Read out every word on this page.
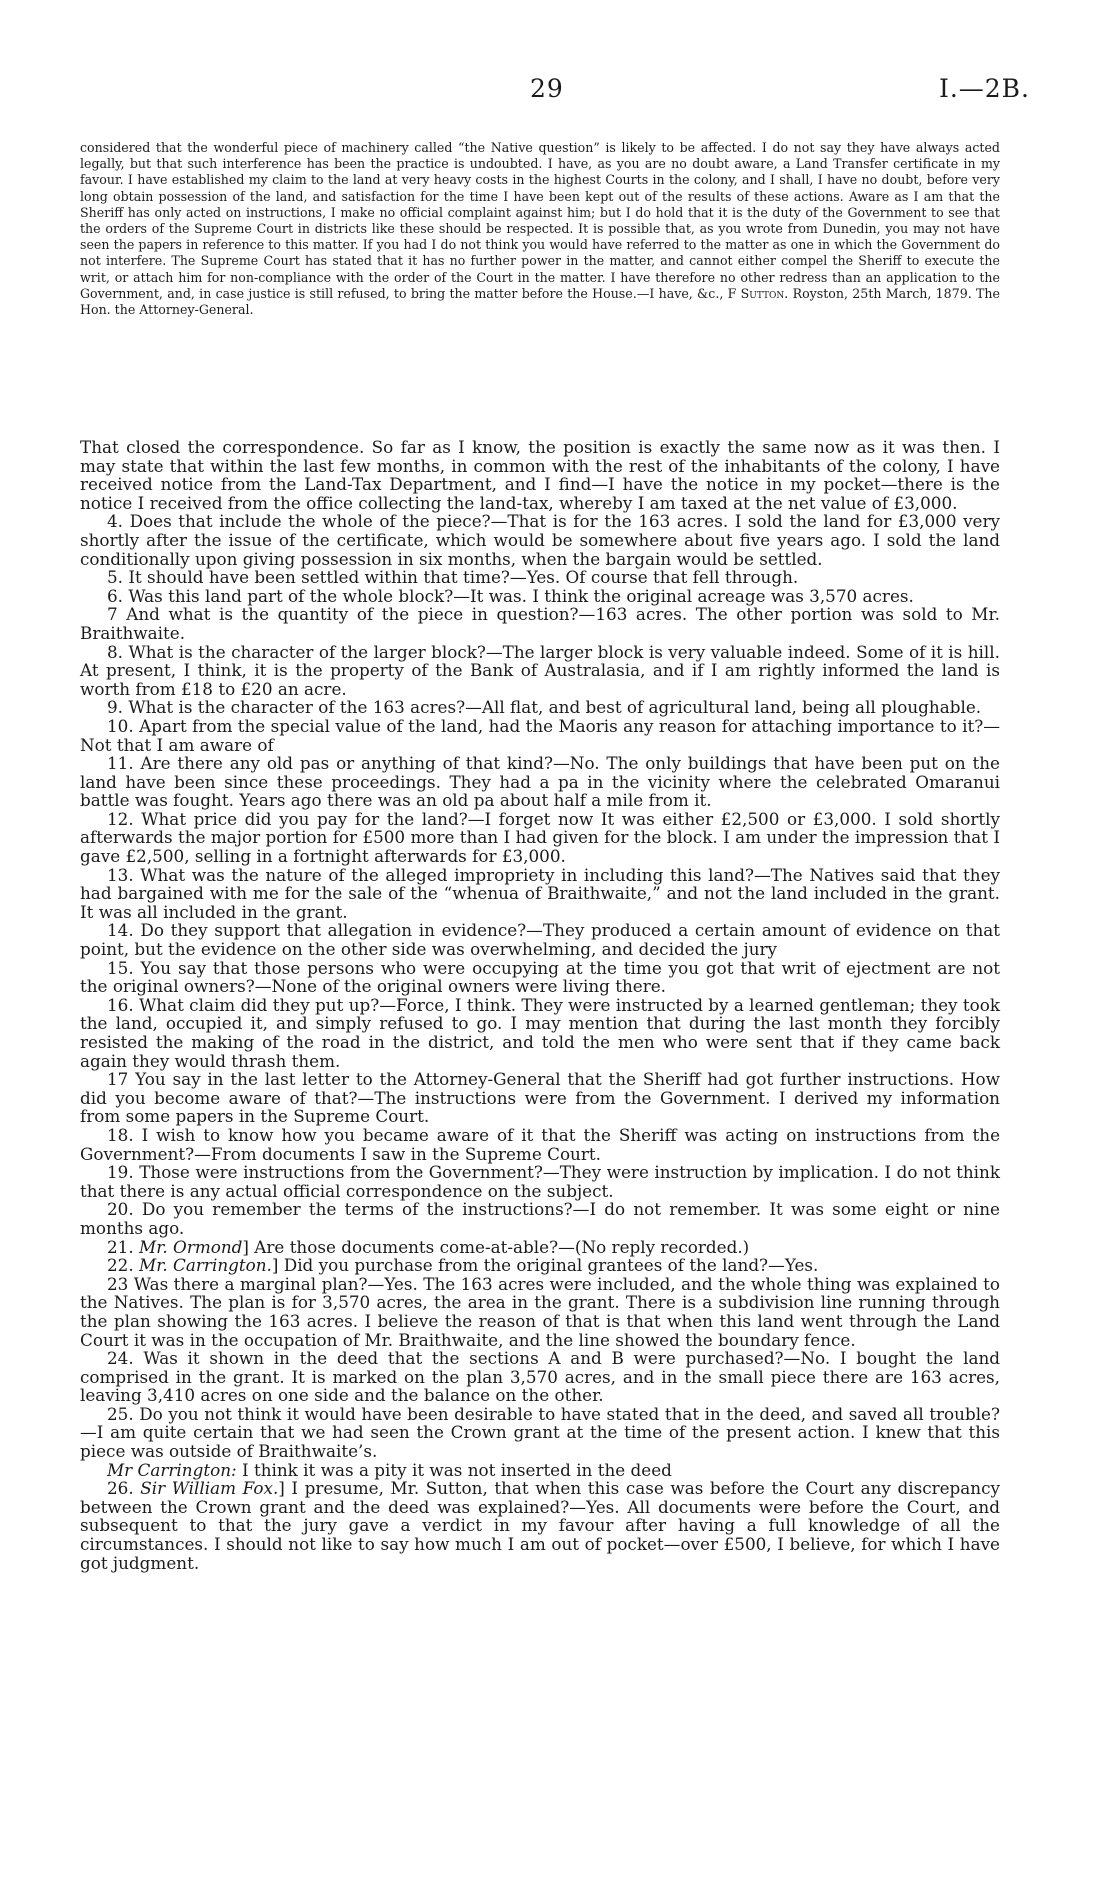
29	I.—2B.

considered that the wonderful piece of machinery called “the Native question” is likely to be affected. I do not say they have always acted legally, but that such interference has been the practice is undoubted. I have, as you are no doubt aware, a Land Transfer certificate in my favour. I have established my claim to the land at very heavy costs in the highest Courts in the colony, and I shall, I have no doubt, before very long obtain possession of the land, and satisfaction for the time I have been kept out of the results of these actions. Aware as I am that the Sheriff has only acted on instructions, I make no official complaint against him; but I do hold that it is the duty of the Government to see that the orders of the Supreme Court in districts like these should be respected. It is possible that, as you wrote from Dunedin, you may not have seen the papers in reference to this matter. If you had I do not think you would have referred to the matter as one in which the Government do not interfere. The Supreme Court has stated that it has no further power in the matter, and cannot either compel the Sheriff to execute the writ, or attach him for non-compliance with the order of the Court in the matter. I have therefore no other redress than an application to the Government, and, in case justice is still refused, to bring the matter before the House.—I have, &c., F Sutton. Royston, 25th March, 1879. The Hon. the Attorney-General.

That closed the correspondence. So far as I know, the position is exactly the same now as it was then. I may state that within the last few months, in common with the rest of the inhabitants of the colony, I have received notice from the Land-Tax Department, and I find—I have the notice in my pocket—there is the notice I received from the office collecting the land-tax, whereby I am taxed at the net value of £3,000.

4. Does that include the whole of the piece?—That is for the 163 acres. I sold the land for £3,000 very shortly after the issue of the certificate, which would be somewhere about five years ago. I sold the land conditionally upon giving possession in six months, when the bargain would be settled.

5. It should have been settled within that time?—Yes. Of course that fell through.

6. Was this land part of the whole block?—It was. I think the original acreage was 3,570 acres.

7 And what is the quantity of the piece in question?—163 acres. The other portion was sold to Mr. Braithwaite.

8. What is the character of the larger block?—The larger block is very valuable indeed. Some of it is hill. At present, I think, it is the property of the Bank of Australasia, and if I am rightly informed the land is worth from £18 to £20 an acre.

9. What is the character of the 163 acres?—All flat, and best of agricultural land, being all ploughable.

10. Apart from the special value of the land, had the Maoris any reason for attaching importance to it?—Not that I am aware of

11. Are there any old pas or anything of that kind?—No. The only buildings that have been put on the land have been since these proceedings. They had a pa in the vicinity where the celebrated Omaranui battle was fought. Years ago there was an old pa about half a mile from it.

12. What price did you pay for the land?—I forget now It was either £2,500 or £3,000. I sold shortly afterwards the major portion for £500 more than I had given for the block. I am under the impression that I gave £2,500, selling in a fortnight afterwards for £3,000.

13. What was the nature of the alleged impropriety in including this land?—The Natives said that they had bargained with me for the sale of the “whenua of Braithwaite,” and not the land included in the grant. It was all included in the grant.

14. Do they support that allegation in evidence?—They produced a certain amount of evidence on that point, but the evidence on the other side was overwhelming, and decided the jury

15. You say that those persons who were occupying at the time you got that writ of ejectment are not the original owners?—None of the original owners were living there.

16. What claim did they put up?—Force, I think. They were instructed by a learned gentleman; they took the land, occupied it, and simply refused to go. I may mention that during the last month they forcibly resisted the making of the road in the district, and told the men who were sent that if they came back again they would thrash them.

17 You say in the last letter to the Attorney-General that the Sheriff had got further instructions. How did you become aware of that?—The instructions were from the Government. I derived my information from some papers in the Supreme Court.

18. I wish to know how you became aware of it that the Sheriff was acting on instructions from the Government?—From documents I saw in the Supreme Court.

19. Those were instructions from the Government?—They were instruction by implication. I do not think that there is any actual official correspondence on the subject.

20. Do you remember the terms of the instructions?—I do not remember. It was some eight or nine months ago.

21. Mr. Ormond] Are those documents come-at-able?—(No reply recorded.)

22. Mr. Carrington.] Did you purchase from the original grantees of the land?—Yes.

23 Was there a marginal plan?—Yes. The 163 acres were included, and the whole thing was explained to the Natives. The plan is for 3,570 acres, the area in the grant. There is a subdivision line running through the plan showing the 163 acres. I believe the reason of that is that when this land went through the Land Court it was in the occupation of Mr. Braithwaite, and the line showed the boundary fence.

24. Was it shown in the deed that the sections A and B were purchased?—No. I bought the land comprised in the grant. It is marked on the plan 3,570 acres, and in the small piece there are 163 acres, leaving 3,410 acres on one side and the balance on the other.

25. Do you not think it would have been desirable to have stated that in the deed, and saved all trouble?—I am quite certain that we had seen the Crown grant at the time of the present action. I knew that this piece was outside of Braithwaite’s.

Mr Carrington: I think it was a pity it was not inserted in the deed

26. Sir William Fox.] I presume, Mr. Sutton, that when this case was before the Court any discrepancy between the Crown grant and the deed was explained?—Yes. All documents were before the Court, and subsequent to that the jury gave a verdict in my favour after having a full knowledge of all the circumstances. I should not like to say how much I am out of pocket—over £500, I believe, for which I have got judgment.
